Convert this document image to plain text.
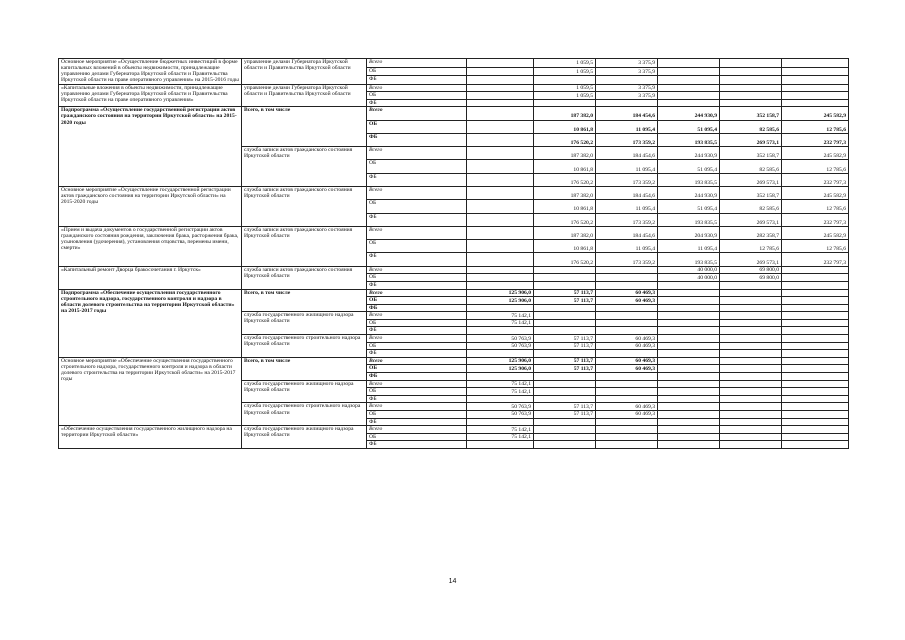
Основное мероприятие «Осуществление бюджетных инвестиций в форме капитальных вложений в объекты недвижимости, принадлежащие управлению делами Губернатора Иркутской области и Правительства Иркутской области на праве оперативного управления» на 2015-2016 годы	управление делами Губернатора Иркутской области и Правительства Иркутской области	Всего		1 059,5	3 375,9				
		ОБ		1 059,5	3 375,9				
		ФБ							
«Капитальные вложения в объекты недвижимости, принадлежащие управлению делами Губернатора Иркутской области и Правительства Иркутской области на праве оперативного управления»	управление делами Губернатора Иркутской области и Правительства Иркутской области	Всего		1 059,5	3 375,9				
		ОБ		1 059,5	3 375,9				
		ФБ							
Подпрограмма «Осуществление государственной регистрации актов гражданского состояния на территории Иркутской области» на 2015-2020 годы	Всего, в том числе	Всего		187 382,0	184 454,6	244 930,9	352 158,7	245 582,9	
		ОБ		10 861,8	11 095,4	51 095,4	82 585,6	12 785,6	
		ФБ		176 520,2	173 359,2	193 835,5	269 573,1	232 797,3	
	служба записи актов гражданского состояния Иркутской области	Всего		187 382,0	184 454,6	244 930,9	352 158,7	245 582,9	
		ОБ		10 861,8	11 095,4	51 095,4	82 585,6	12 785,6	
		ФБ		176 520,2	173 359,2	193 835,5	269 573,1	232 797,3	
Основное мероприятие «Осуществление государственной регистрации актов гражданского состояния на территории Иркутской области» на 2015-2020 годы	служба записи актов гражданского состояния Иркутской области	Всего		187 382,0	184 454,6	244 930,9	352 158,7	245 582,9	
		ОБ		10 861,8	11 095,4	51 095,4	82 585,6	12 785,6	
		ФБ		176 520,2	173 359,2	193 835,5	269 573,1	232 797,3	
«Прием и выдача документов о государственной регистрации актов гражданского состояния рождения, заключения брака, расторжения брака, усыновления (удочерения), установления отцовства, перемены имени, смерти»	служба записи актов гражданского состояния Иркутской области	Всего		187 382,0	184 454,6	204 930,9	282 358,7	245 582,9	
		ОБ		10 861,8	11 095,4	11 095,4	12 785,6	12 785,6	
		ФБ		176 520,2	173 359,2	193 835,5	269 573,1	232 797,3	
«Капитальный ремонт Дворца бракосочетания г. Иркутск»	служба записи актов гражданского состояния Иркутской области	Всего				40 000,0	69 800,0		
		ОБ				40 000,0	69 800,0		
		ФБ							
Подпрограмма «Обеспечение осуществления государственного строительного надзора, государственного контроля и надзора в области долевого строительства на территории Иркутской области» на 2015-2017 годы	Всего, в том числе	Всего	125 906,0	57 113,7	60 469,3				
		ОБ	125 906,0	57 113,7	60 469,3				
		ФБ							
	служба государственного жилищного надзора Иркутской области	Всего	75 142,1						
		ОБ	75 142,1						
		ФБ							
	служба государственного строительного надзора Иркутской области	Всего	50 763,9	57 113,7	60 469,3				
		ОБ	50 763,9	57 113,7	60 469,3				
		ФБ							
Основное мероприятие «Обеспечение осуществления государственного строительного надзора, государственного контроля и надзора в области долевого строительства на территории Иркутской области» на 2015-2017 годы	Всего, в том числе	Всего	125 906,0	57 113,7	60 469,3				
		ОБ	125 906,0	57 113,7	60 469,3				
		ФБ							
	служба государственного жилищного надзора Иркутской области	Всего	75 142,1						
		ОБ	75 142,1						
		ФБ							
	служба государственного строительного надзора Иркутской области	Всего	50 763,9	57 113,7	60 469,3				
		ОБ	50 763,9	57 113,7	60 469,3				
		ФБ							
«Обеспечение осуществления государственного жилищного надзора на территории Иркутской области»	служба государственного жилищного надзора Иркутской области	Всего	75 142,1						
		ОБ	75 142,1						
		ФБ							
14
